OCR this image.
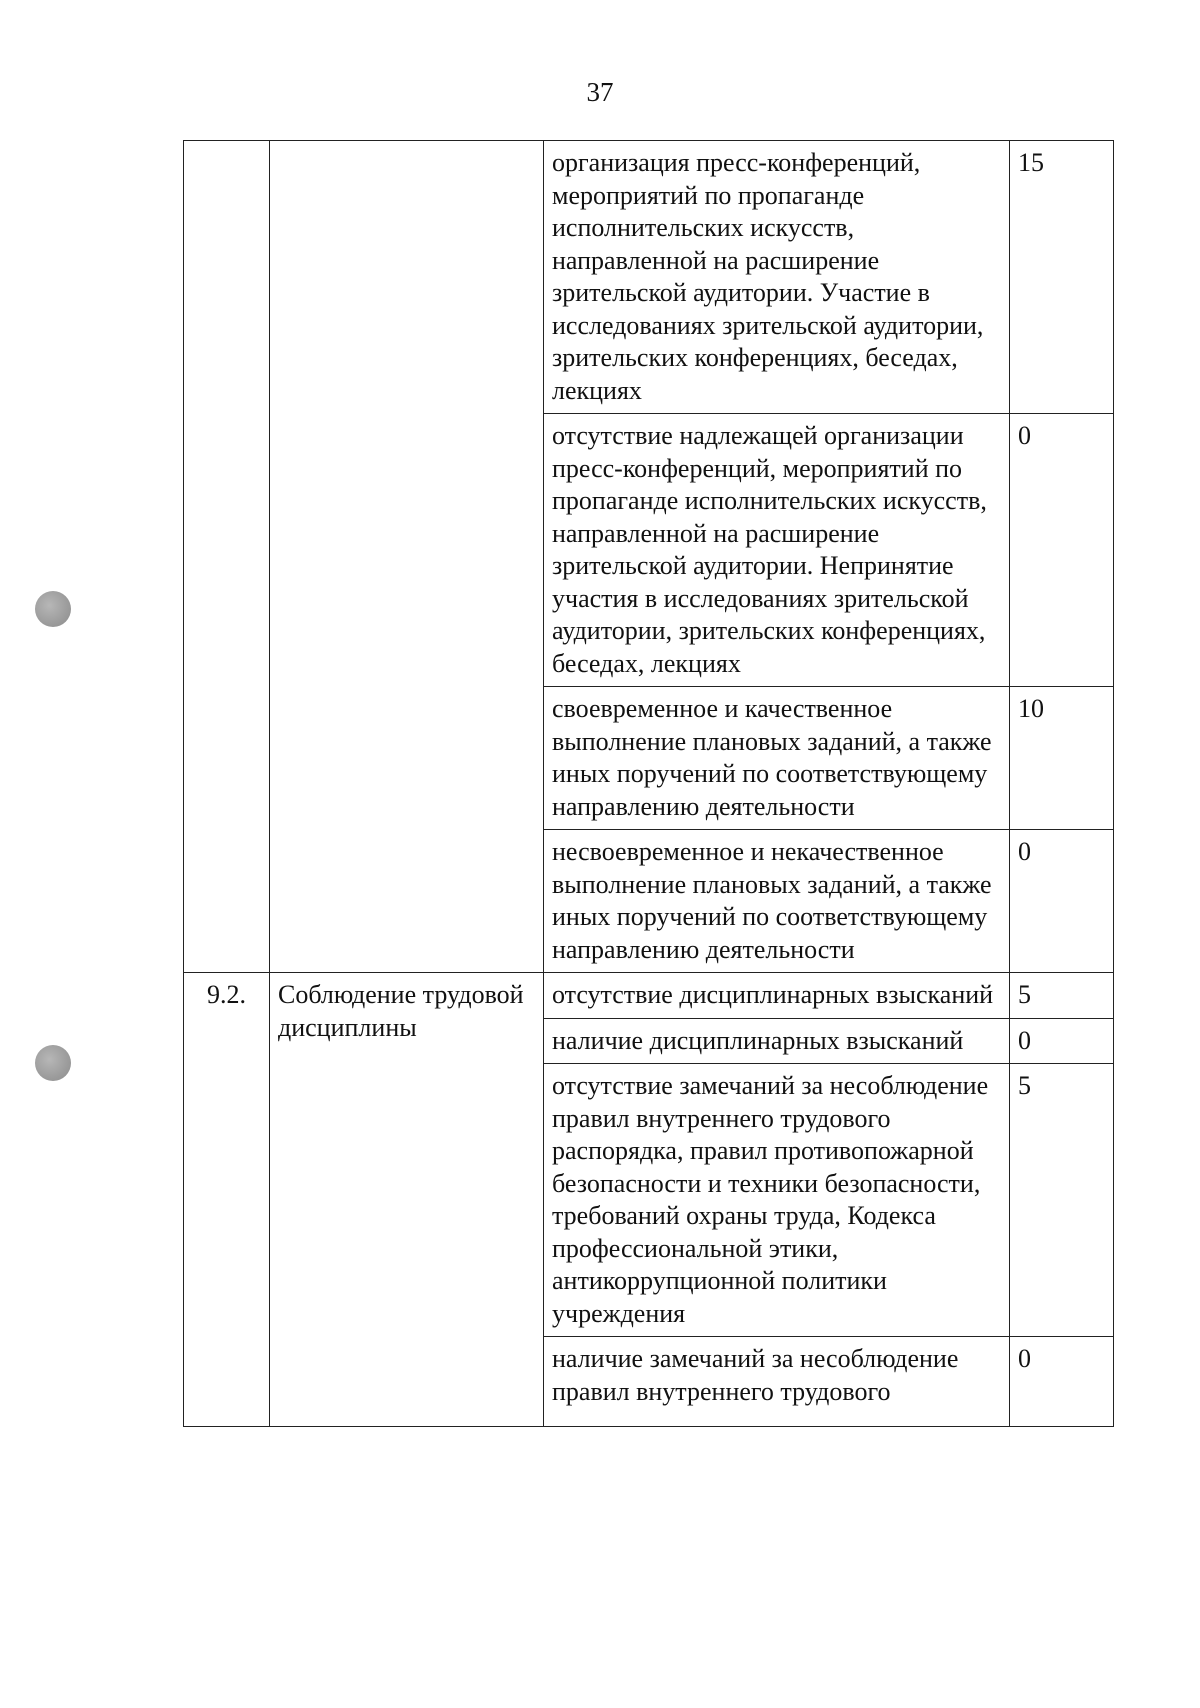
37
		организация пресс-конференций, мероприятий по пропаганде исполнительских искусств, направленной на расширение зрительской аудитории. Участие в исследованиях зрительской аудитории, зрительских конференциях, беседах, лекциях	15
		отсутствие надлежащей организации пресс-конференций, мероприятий по пропаганде исполнительских искусств, направленной на расширение зрительской аудитории. Непринятие участия в исследованиях зрительской аудитории, зрительских конференциях, беседах, лекциях	0
		своевременное и качественное выполнение плановых заданий, а также иных поручений по соответствующему направлению деятельности	10
		несвоевременное и некачественное выполнение плановых заданий, а также иных поручений по соответствующему направлению деятельности	0
9.2.	Соблюдение трудовой дисциплины	отсутствие дисциплинарных взысканий	5
		наличие дисциплинарных взысканий	0
		отсутствие замечаний за несоблюдение правил внутреннего трудового распорядка, правил противопожарной безопасности и техники безопасности, требований охраны труда, Кодекса профессиональной этики, антикоррупционной политики учреждения	5
		наличие замечаний за несоблюдение правил внутреннего трудового	0
